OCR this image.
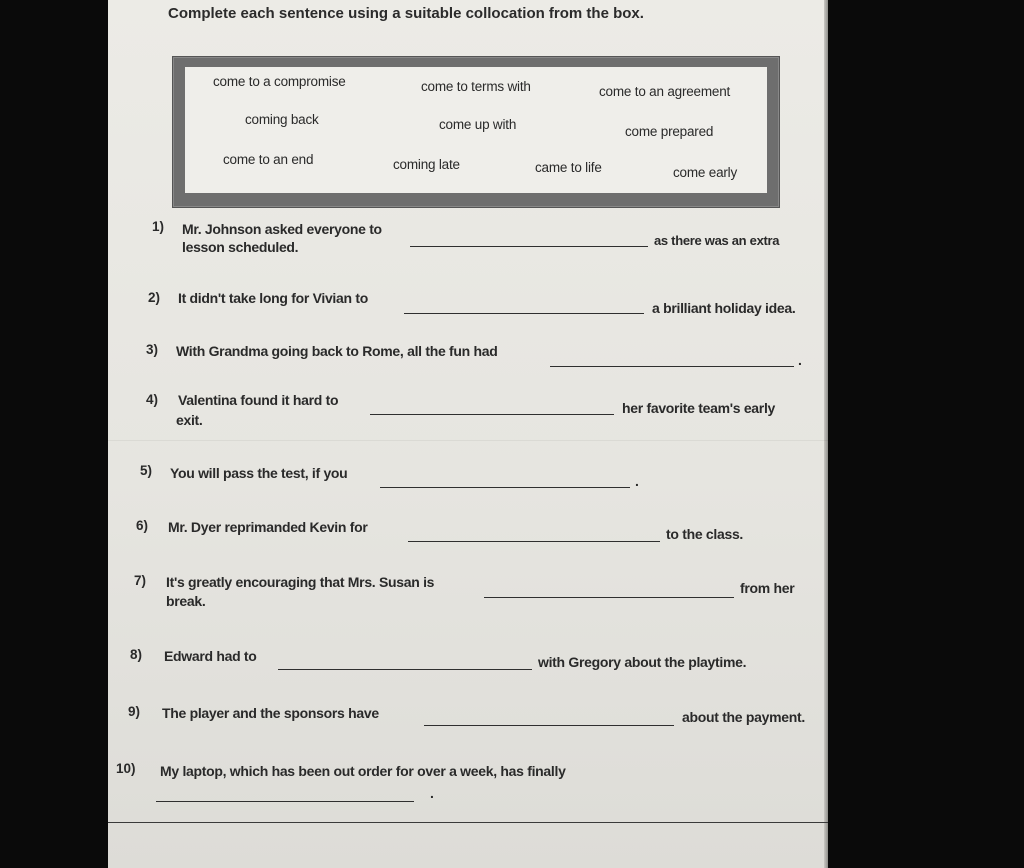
Complete each sentence using a suitable collocation from the box.
come to a compromise	come to terms with	come to an agreement
coming back	come up with	come prepared
come to an end	coming late	came to life	come early
1) Mr. Johnson asked everyone to
as there was an extra
lesson scheduled.
2) It didn't take long for Vivian to
a brilliant holiday idea.
3) With Grandma going back to Rome, all the fun had
.
4) Valentina found it hard to	her favorite team's early
exit.
5) You will pass the test, if you	.
6) Mr. Dyer reprimanded Kevin for	to the class.
7) It's greatly encouraging that Mrs. Susan is	from her
break.
8) Edward had to	with Gregory about the playtime.
9) The player and the sponsors have	about the payment.
10) My laptop, which has been out order for over a week, has finally
.
